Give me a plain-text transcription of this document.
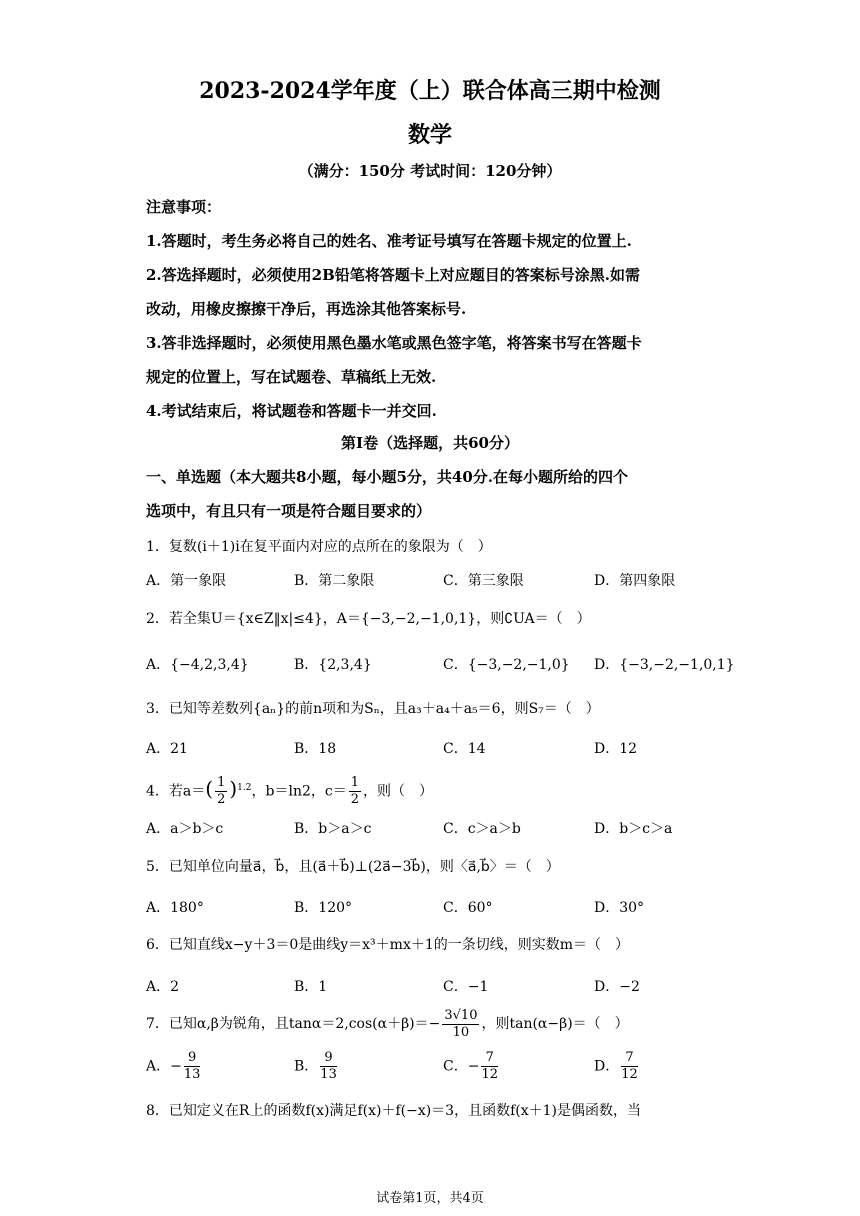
2023-2024学年度（上）联合体高三期中检测
数学
（满分：150分 考试时间：120分钟）
注意事项：
1.答题时，考生务必将自己的姓名、准考证号填写在答题卡规定的位置上.
2.答选择题时，必须使用2B铅笔将答题卡上对应题目的答案标号涂黑.如需
改动，用橡皮擦擦干净后，再选涂其他答案标号.
3.答非选择题时，必须使用黑色墨水笔或黑色签字笔，将答案书写在答题卡
规定的位置上，写在试题卷、草稿纸上无效.
4.考试结束后，将试题卷和答题卡一并交回.
第Ⅰ卷（选择题，共60分）
一、单选题（本大题共8小题，每小题5分，共40分.在每小题所给的四个
选项中，有且只有一项是符合题目要求的）
1．复数(i＋1)i在复平面内对应的点所在的象限为（　）
A．第一象限	B．第二象限	C．第三象限	D．第四象限
2．若全集U＝{x∈Z‖x|≤4}，A＝{−3,−2,−1,0,1}，则∁UA＝（　）
A．{−4,2,3,4}	B．{2,3,4}	C．{−3,−2,−1,0} D．{−3,−2,−1,0,1}
3．已知等差数列{aₙ}的前n项和为Sₙ，且a₃＋a₄＋a₅＝6，则S₇＝（　）
A．21	B．18	C．14	D．12
4．若$a=( \frac{1}{2} )^{1.2}$，b＝ln2，$c= \frac{1}{2}$ ，则（　）
A．a＞b＞c	B．b＞a＞c	C．c＞a＞b	D．b＞c＞a
5．已知单位向量a⃗，b⃗，且(a⃗＋b⃗)⊥(2a⃗−3b⃗)，则〈a⃗,b⃗〉＝（　）
A．180°	B．120°	C．60°	D．30°
6．已知直线x−y＋3＝0是曲线y＝x³＋mx＋1的一条切线，则实数m＝（　）
A．2	B．1	C．−1	D．−2
7．已知α,β为锐角，且$\tan\alpha=2,\cos(\alpha+\beta)=- \frac{3√10}{10}$ ，则tan(α−β)＝（　）
A．− $\frac{9}{13}$	B． $\frac{9}{13}$	C．− $\frac{7}{12}$	D． $\frac{7}{12}$
8．已知定义在R上的函数f(x)满足f(x)＋f(−x)＝3，且函数f(x＋1)是偶函数，当
试卷第1页，共4页
